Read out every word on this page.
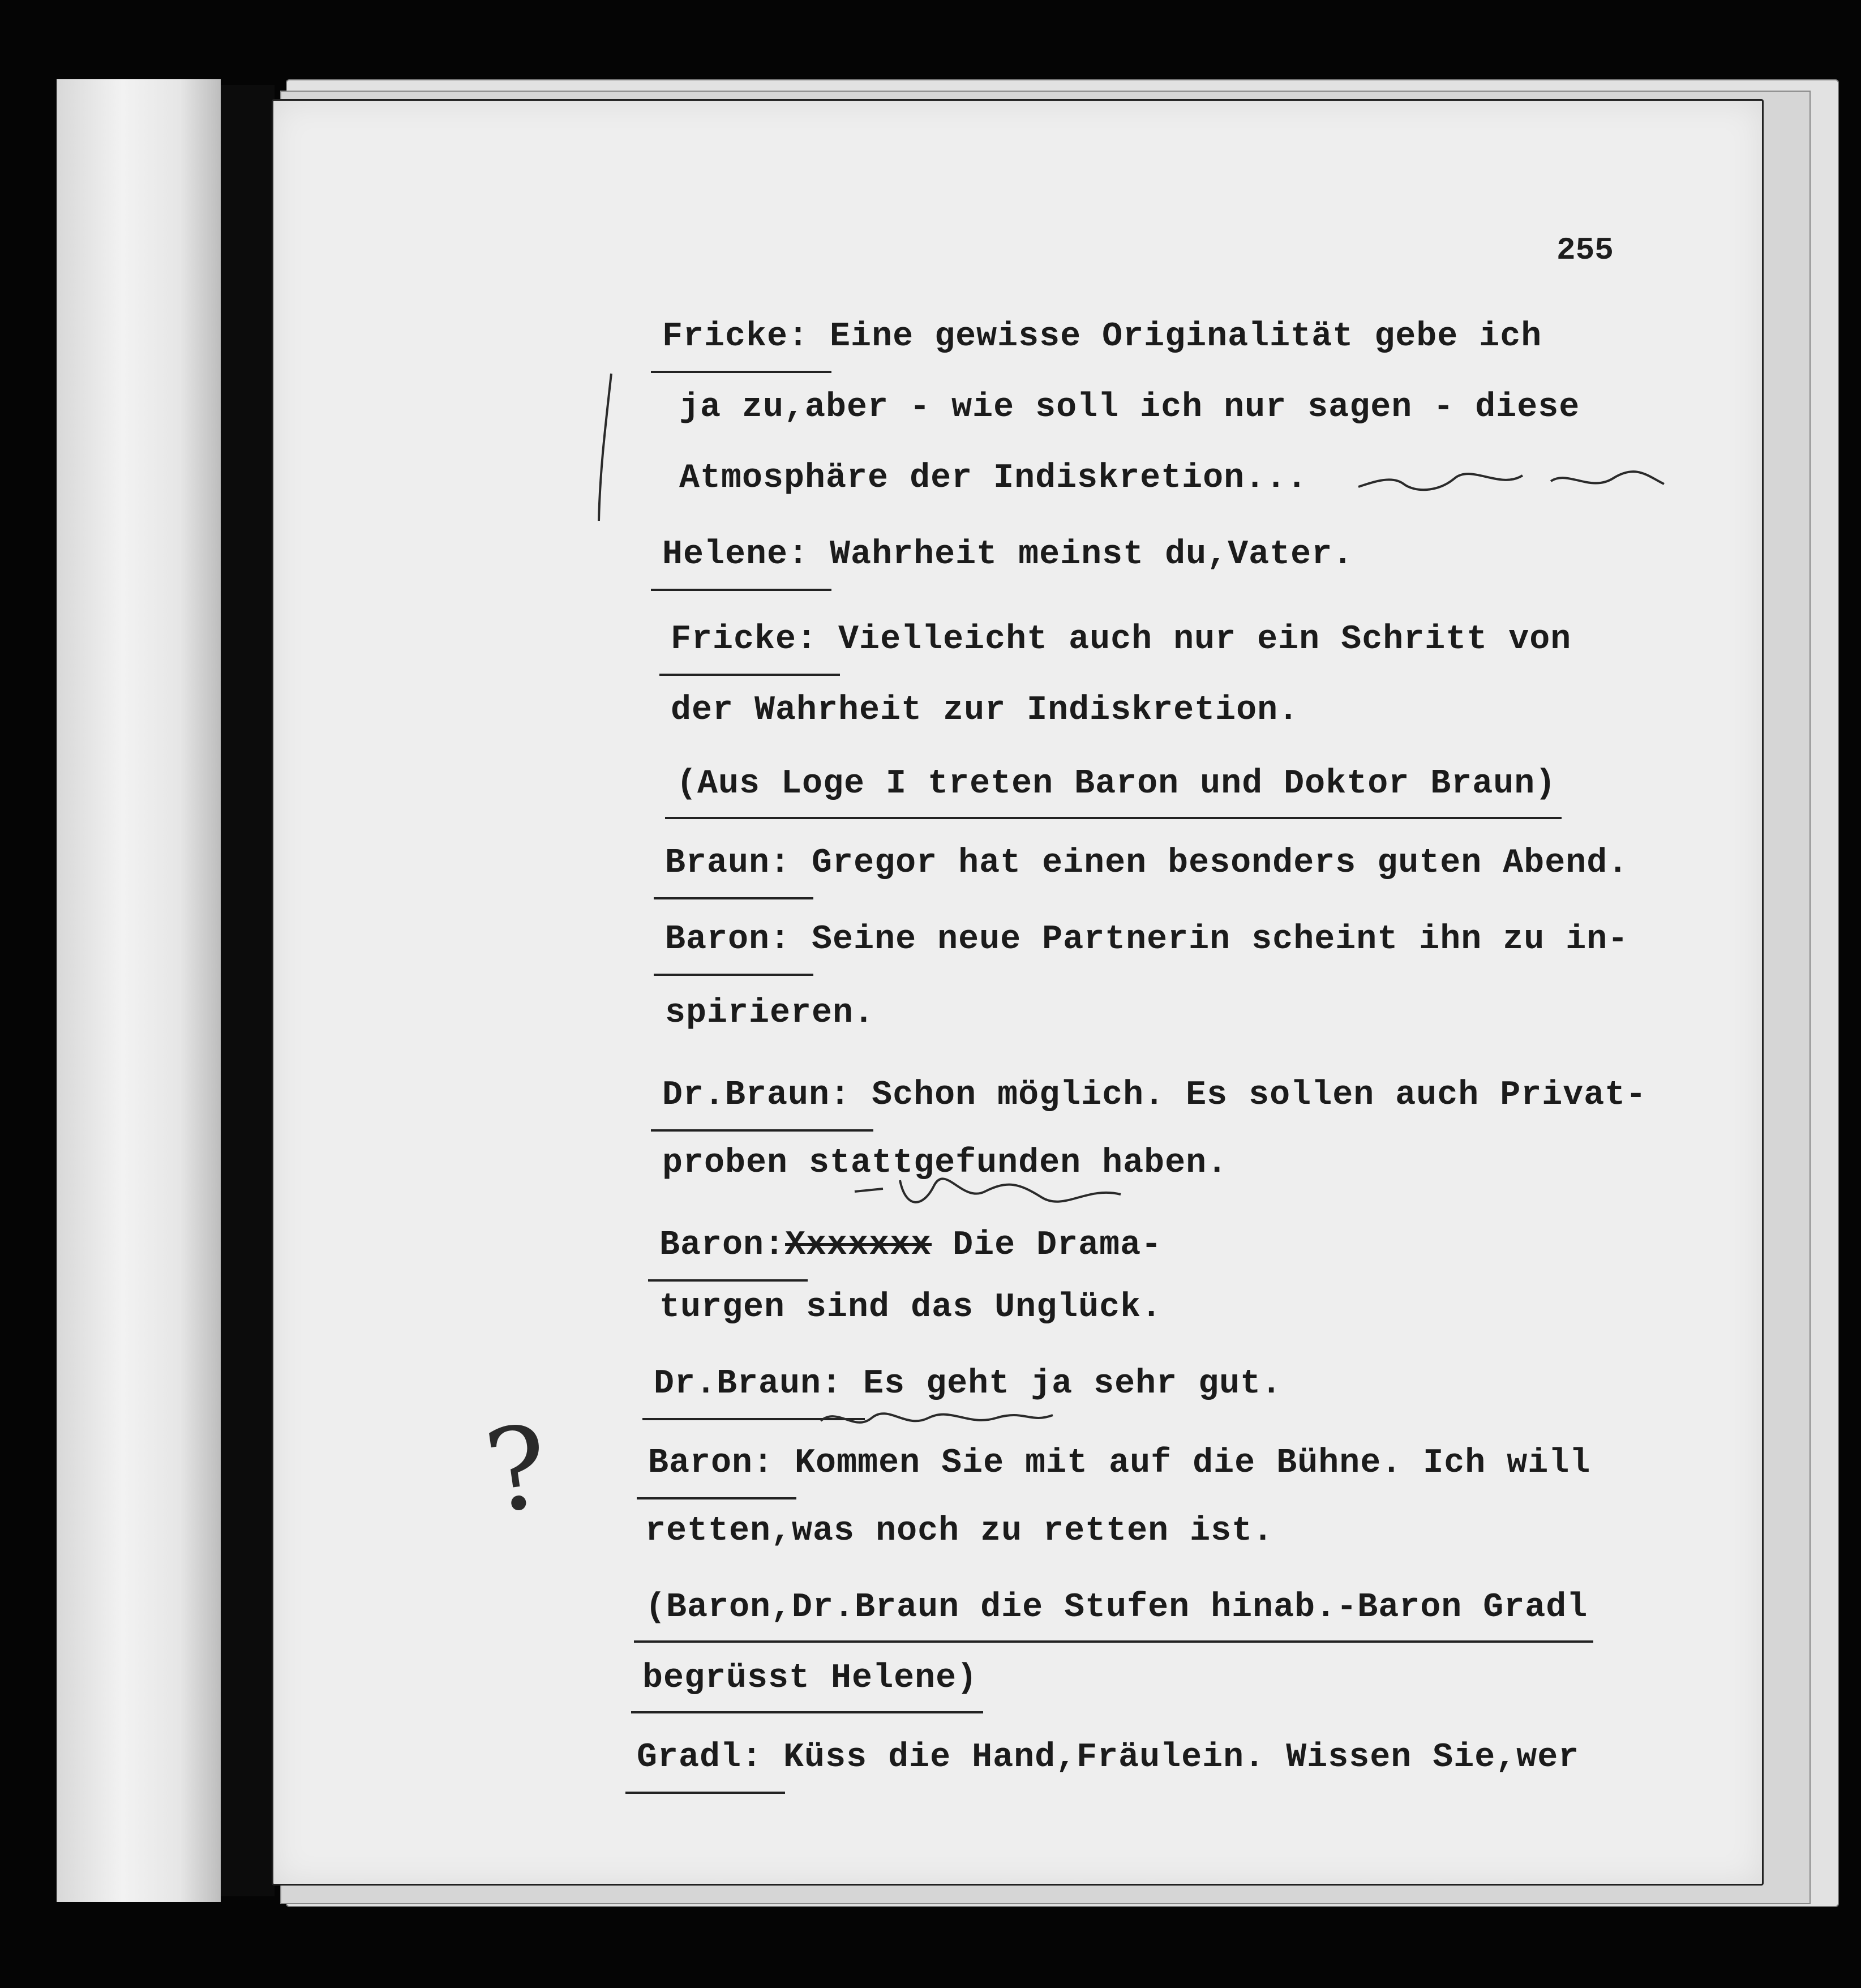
255

Fricke: Eine gewisse Originalität gebe ich

ja zu,aber - wie soll ich nur sagen - diese

Atmosphäre der Indiskretion...

Helene: Wahrheit meinst du,Vater.

Fricke: Vielleicht auch nur ein Schritt von

der Wahrheit zur Indiskretion.

(Aus Loge I treten Baron und Doktor Braun)

Braun: Gregor hat einen besonders guten Abend.

Baron: Seine neue Partnerin scheint ihn zu in-

spirieren.

Dr.Braun: Schon möglich. Es sollen auch Privat-

proben stattgefunden haben.

Baron:Xxxxxxx Die Drama-

turgen sind das Unglück.

Dr.Braun: Es geht ja sehr gut.

Baron: Kommen Sie mit auf die Bühne. Ich will

retten,was noch zu retten ist.

(Baron,Dr.Braun die Stufen hinab.-Baron Gradl

begrüsst Helene)

Gradl: Küss die Hand,Fräulein. Wissen Sie,wer

?
